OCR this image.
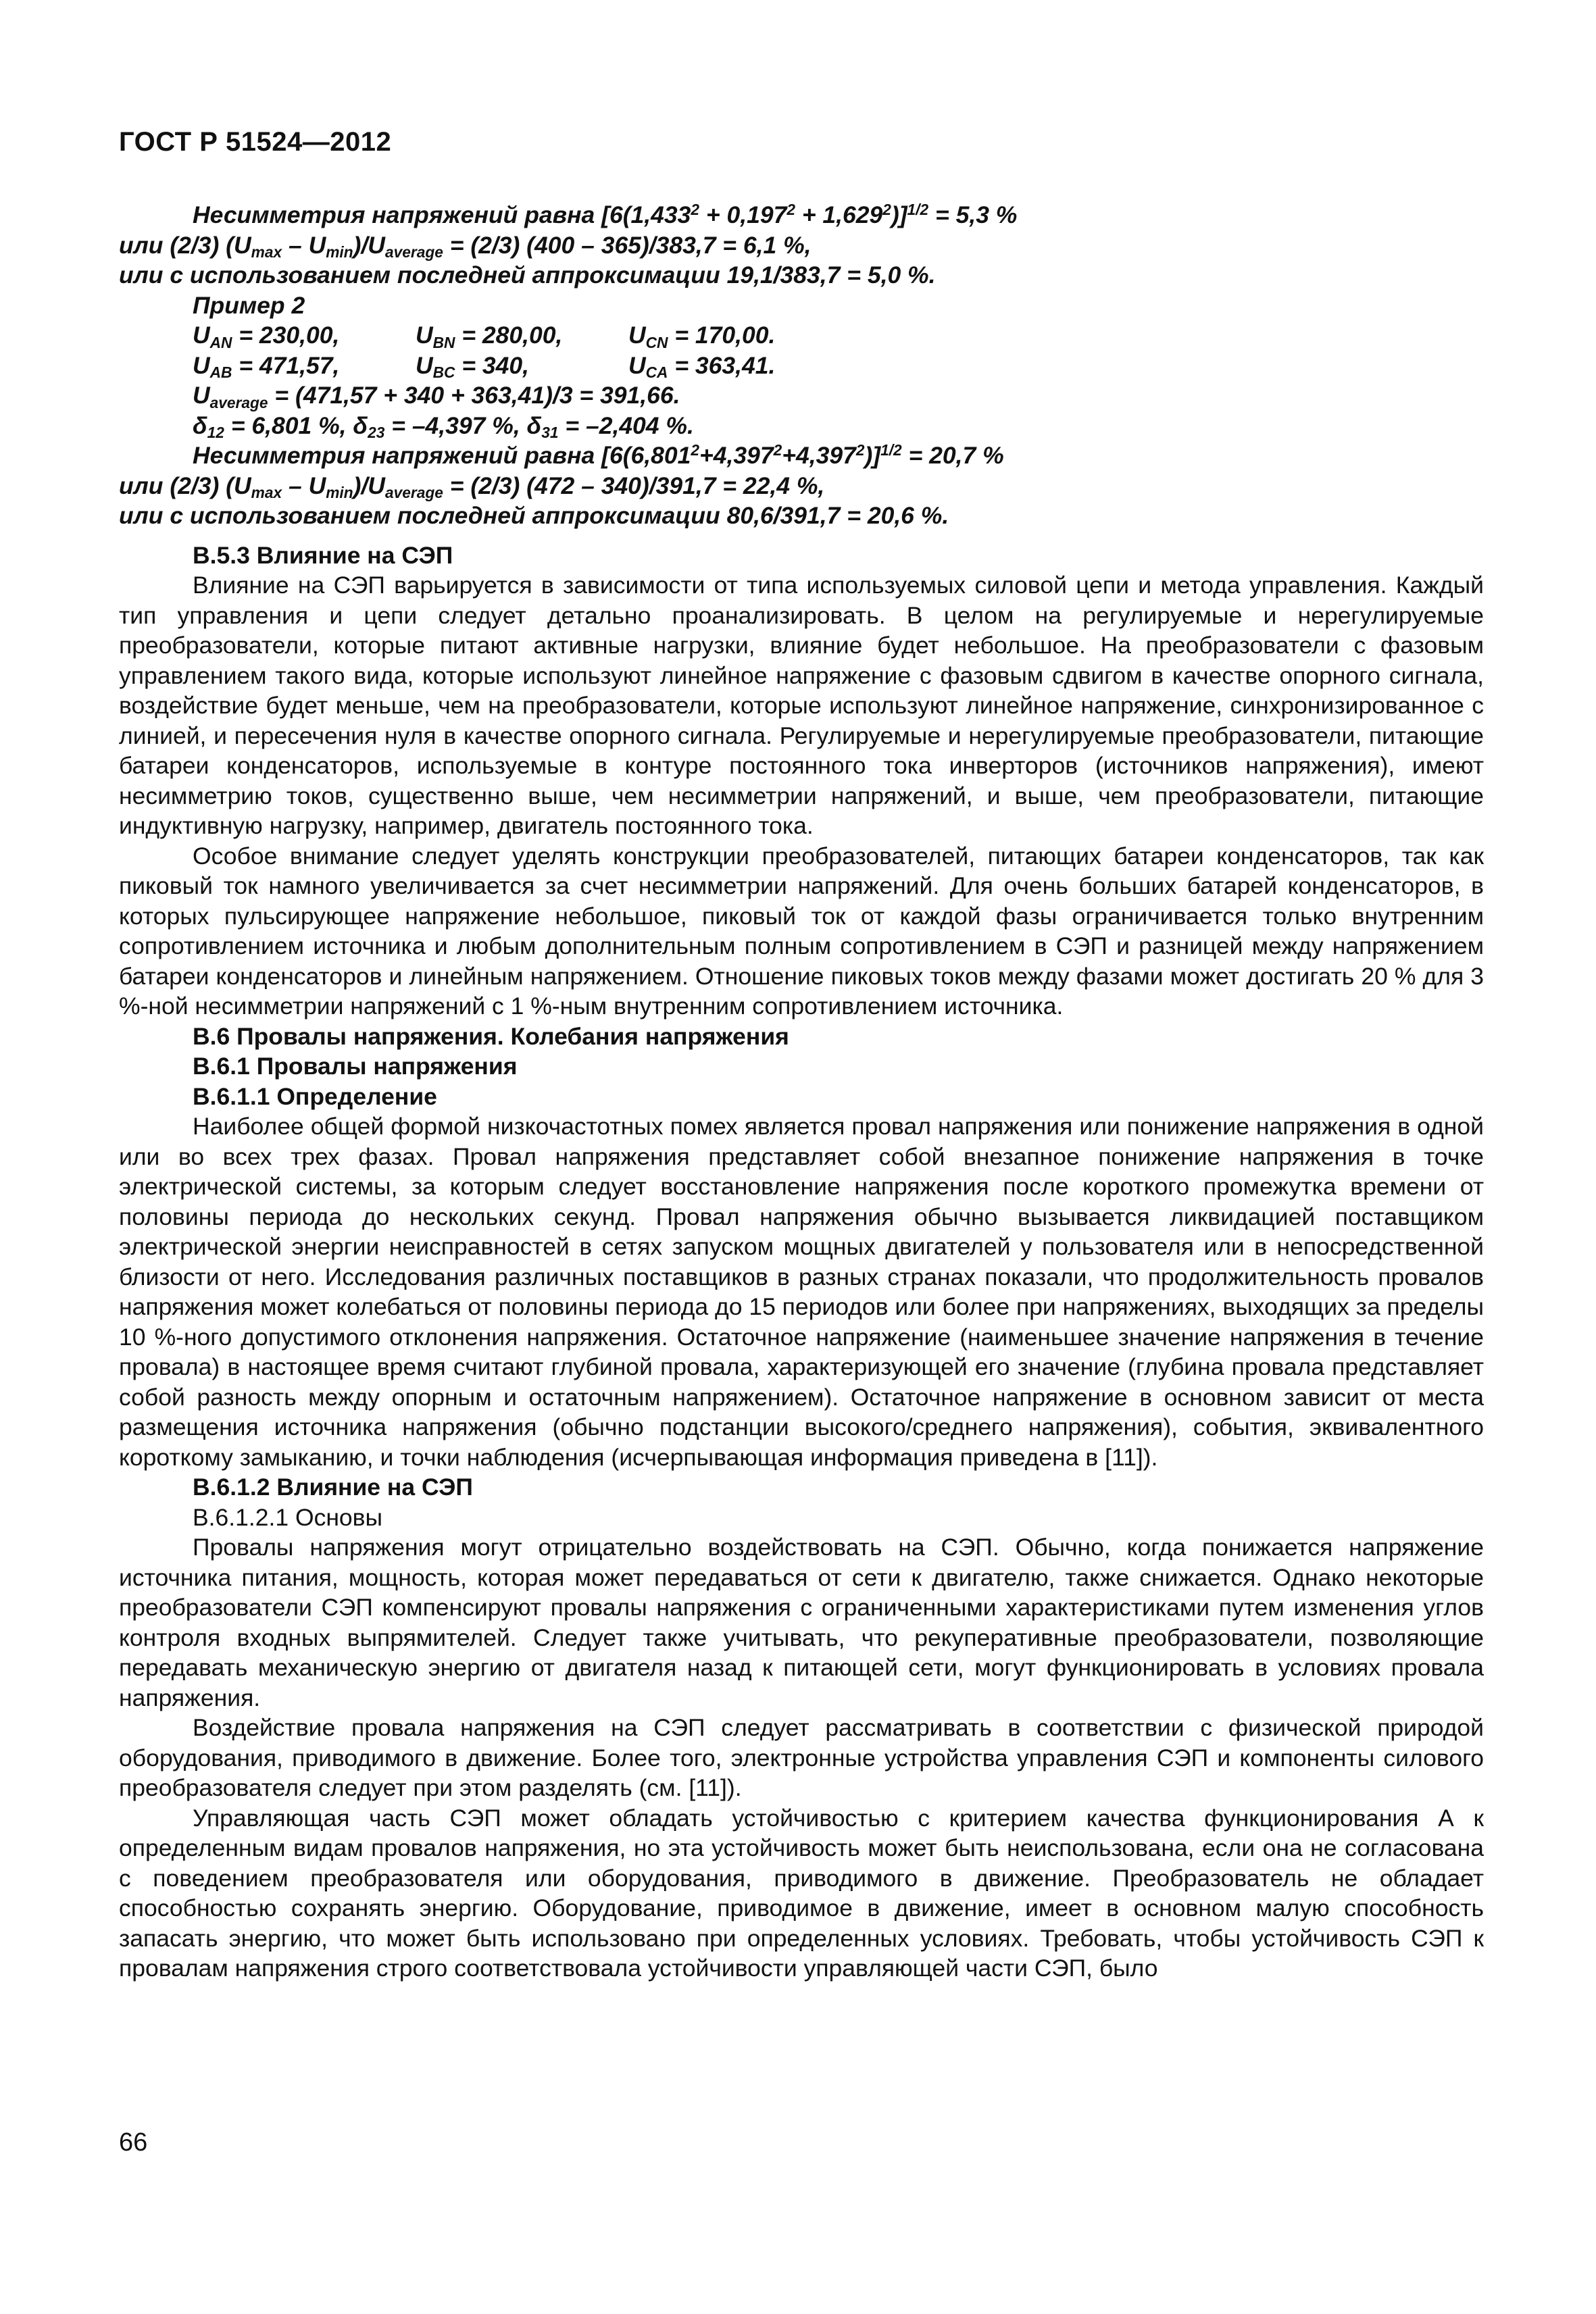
ГОСТ Р 51524—2012

Несимметрия напряжений равна $[6(1,433^2 + 0,197^2 + 1,629^2)]^{1/2} = 5,3$ %

или (2/3) $(U_{max} - U_{min})/U_{average} = (2/3)$ (400 – 365)/383,7 = 6,1 %,

или с использованием последней аппроксимации 19,1/383,7 = 5,0 %.

Пример 2

$U_{AN} = 230,00$,	$U_{BN} = 280,00$,	$U_{CN} = 170,00$.
$U_{AB} = 471,57$,	$U_{BC} = 340$,	$U_{CA} = 363,41$.

$U_{average} = (471,57 + 340 + 363,41)/3 = 391,66$.

$\delta_{12} = 6,801$ %, $\delta_{23} = -4,397$ %, $\delta_{31} = -2,404$ %.

Несимметрия напряжений равна $[6(6,801^2+4,397^2+4,397^2)]^{1/2} = 20,7$ %

или (2/3) $(U_{max} - U_{min})/U_{average} = (2/3)$ (472 – 340)/391,7 = 22,4 %,

или с использованием последней аппроксимации 80,6/391,7 = 20,6 %.

В.5.3 Влияние на СЭП

Влияние на СЭП варьируется в зависимости от типа используемых силовой цепи и метода управления. Каждый тип управления и цепи следует детально проанализировать. В целом на регулируемые и нерегулируемые преобразователи, которые питают активные нагрузки, влияние будет небольшое. На преобразователи с фазовым управлением такого вида, которые используют линейное напряжение с фазовым сдвигом в качестве опорного сигнала, воздействие будет меньше, чем на преобразователи, которые используют линейное напряжение, синхронизированное с линией, и пересечения нуля в качестве опорного сигнала. Регулируемые и нерегулируемые преобразователи, питающие батареи конденсаторов, используемые в контуре постоянного тока инверторов (источников напряжения), имеют несимметрию токов, существенно выше, чем несимметрии напряжений, и выше, чем преобразователи, питающие индуктивную нагрузку, например, двигатель постоянного тока.

Особое внимание следует уделять конструкции преобразователей, питающих батареи конденсаторов, так как пиковый ток намного увеличивается за счет несимметрии напряжений. Для очень больших батарей конденсаторов, в которых пульсирующее напряжение небольшое, пиковый ток от каждой фазы ограничивается только внутренним сопротивлением источника и любым дополнительным полным сопротивлением в СЭП и разницей между напряжением батареи конденсаторов и линейным напряжением. Отношение пиковых токов между фазами может достигать 20 % для 3 %-ной несимметрии напряжений с 1 %-ным внутренним сопротивлением источника.

В.6 Провалы напряжения. Колебания напряжения

В.6.1 Провалы напряжения

В.6.1.1 Определение

Наиболее общей формой низкочастотных помех является провал напряжения или понижение напряжения в одной или во всех трех фазах. Провал напряжения представляет собой внезапное понижение напряжения в точке электрической системы, за которым следует восстановление напряжения после короткого промежутка времени от половины периода до нескольких секунд. Провал напряжения обычно вызывается ликвидацией поставщиком электрической энергии неисправностей в сетях запуском мощных двигателей у пользователя или в непосредственной близости от него. Исследования различных поставщиков в разных странах показали, что продолжительность провалов напряжения может колебаться от половины периода до 15 периодов или более при напряжениях, выходящих за пределы 10 %-ного допустимого отклонения напряжения. Остаточное напряжение (наименьшее значение напряжения в течение провала) в настоящее время считают глубиной провала, характеризующей его значение (глубина провала представляет собой разность между опорным и остаточным напряжением). Остаточное напряжение в основном зависит от места размещения источника напряжения (обычно подстанции высокого/среднего напряжения), события, эквивалентного короткому замыканию, и точки наблюдения (исчерпывающая информация приведена в [11]).

В.6.1.2 Влияние на СЭП

В.6.1.2.1 Основы

Провалы напряжения могут отрицательно воздействовать на СЭП. Обычно, когда понижается напряжение источника питания, мощность, которая может передаваться от сети к двигателю, также снижается. Однако некоторые преобразователи СЭП компенсируют провалы напряжения с ограниченными характеристиками путем изменения углов контроля входных выпрямителей. Следует также учитывать, что рекуперативные преобразователи, позволяющие передавать механическую энергию от двигателя назад к питающей сети, могут функционировать в условиях провала напряжения.

Воздействие провала напряжения на СЭП следует рассматривать в соответствии с физической природой оборудования, приводимого в движение. Более того, электронные устройства управления СЭП и компоненты силового преобразователя следует при этом разделять (см. [11]).

Управляющая часть СЭП может обладать устойчивостью с критерием качества функционирования А к определенным видам провалов напряжения, но эта устойчивость может быть неиспользована, если она не согласована с поведением преобразователя или оборудования, приводимого в движение. Преобразователь не обладает способностью сохранять энергию. Оборудование, приводимое в движение, имеет в основном малую способность запасать энергию, что может быть использовано при определенных условиях. Требовать, чтобы устойчивость СЭП к провалам напряжения строго соответствовала устойчивости управляющей части СЭП, было

66
